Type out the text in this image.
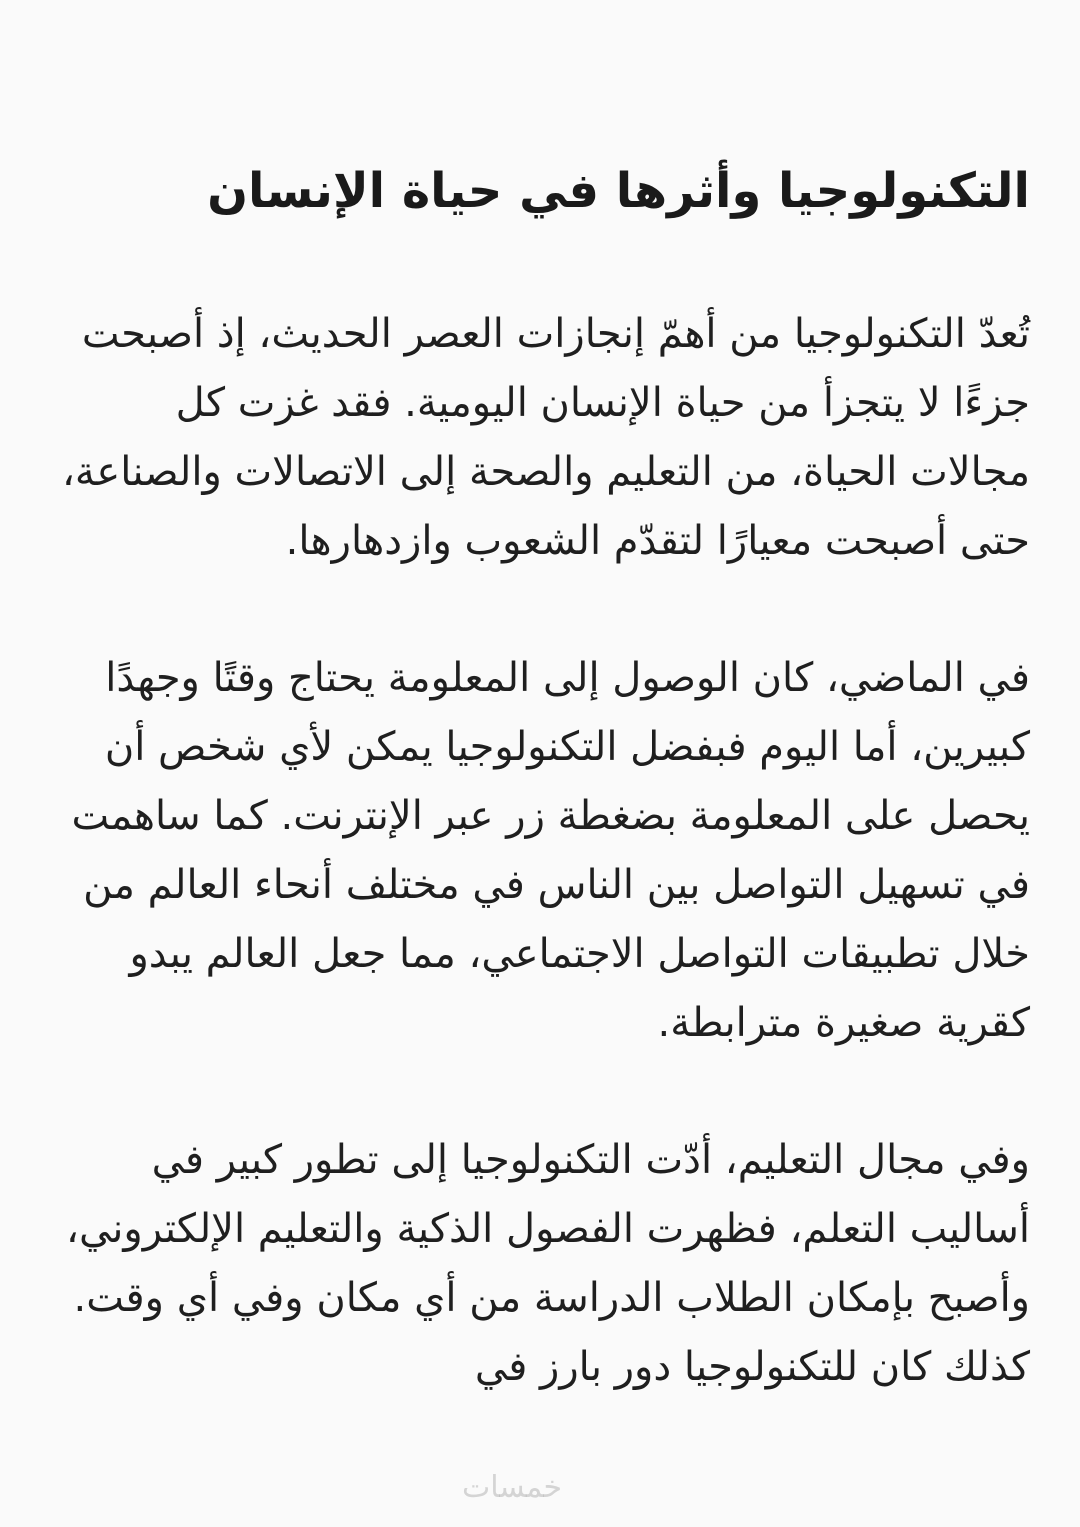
التكنولوجيا وأثرها في حياة الإنسان

تُعدّ التكنولوجيا من أهمّ إنجازات العصر الحديث، إذ أصبحت جزءًا لا يتجزأ من حياة الإنسان اليومية. فقد غزت كل مجالات الحياة، من التعليم والصحة إلى الاتصالات والصناعة، حتى أصبحت معيارًا لتقدّم الشعوب وازدهارها.

في الماضي، كان الوصول إلى المعلومة يحتاج وقتًا وجهدًا كبيرين، أما اليوم فبفضل التكنولوجيا يمكن لأي شخص أن يحصل على المعلومة بضغطة زر عبر الإنترنت. كما ساهمت في تسهيل التواصل بين الناس في مختلف أنحاء العالم من خلال تطبيقات التواصل الاجتماعي، مما جعل العالم يبدو كقرية صغيرة مترابطة.

وفي مجال التعليم، أدّت التكنولوجيا إلى تطور كبير في أساليب التعلم، فظهرت الفصول الذكية والتعليم الإلكتروني، وأصبح بإمكان الطلاب الدراسة من أي مكان وفي أي وقت. كذلك كان للتكنولوجيا دور بارز في

خمسات
